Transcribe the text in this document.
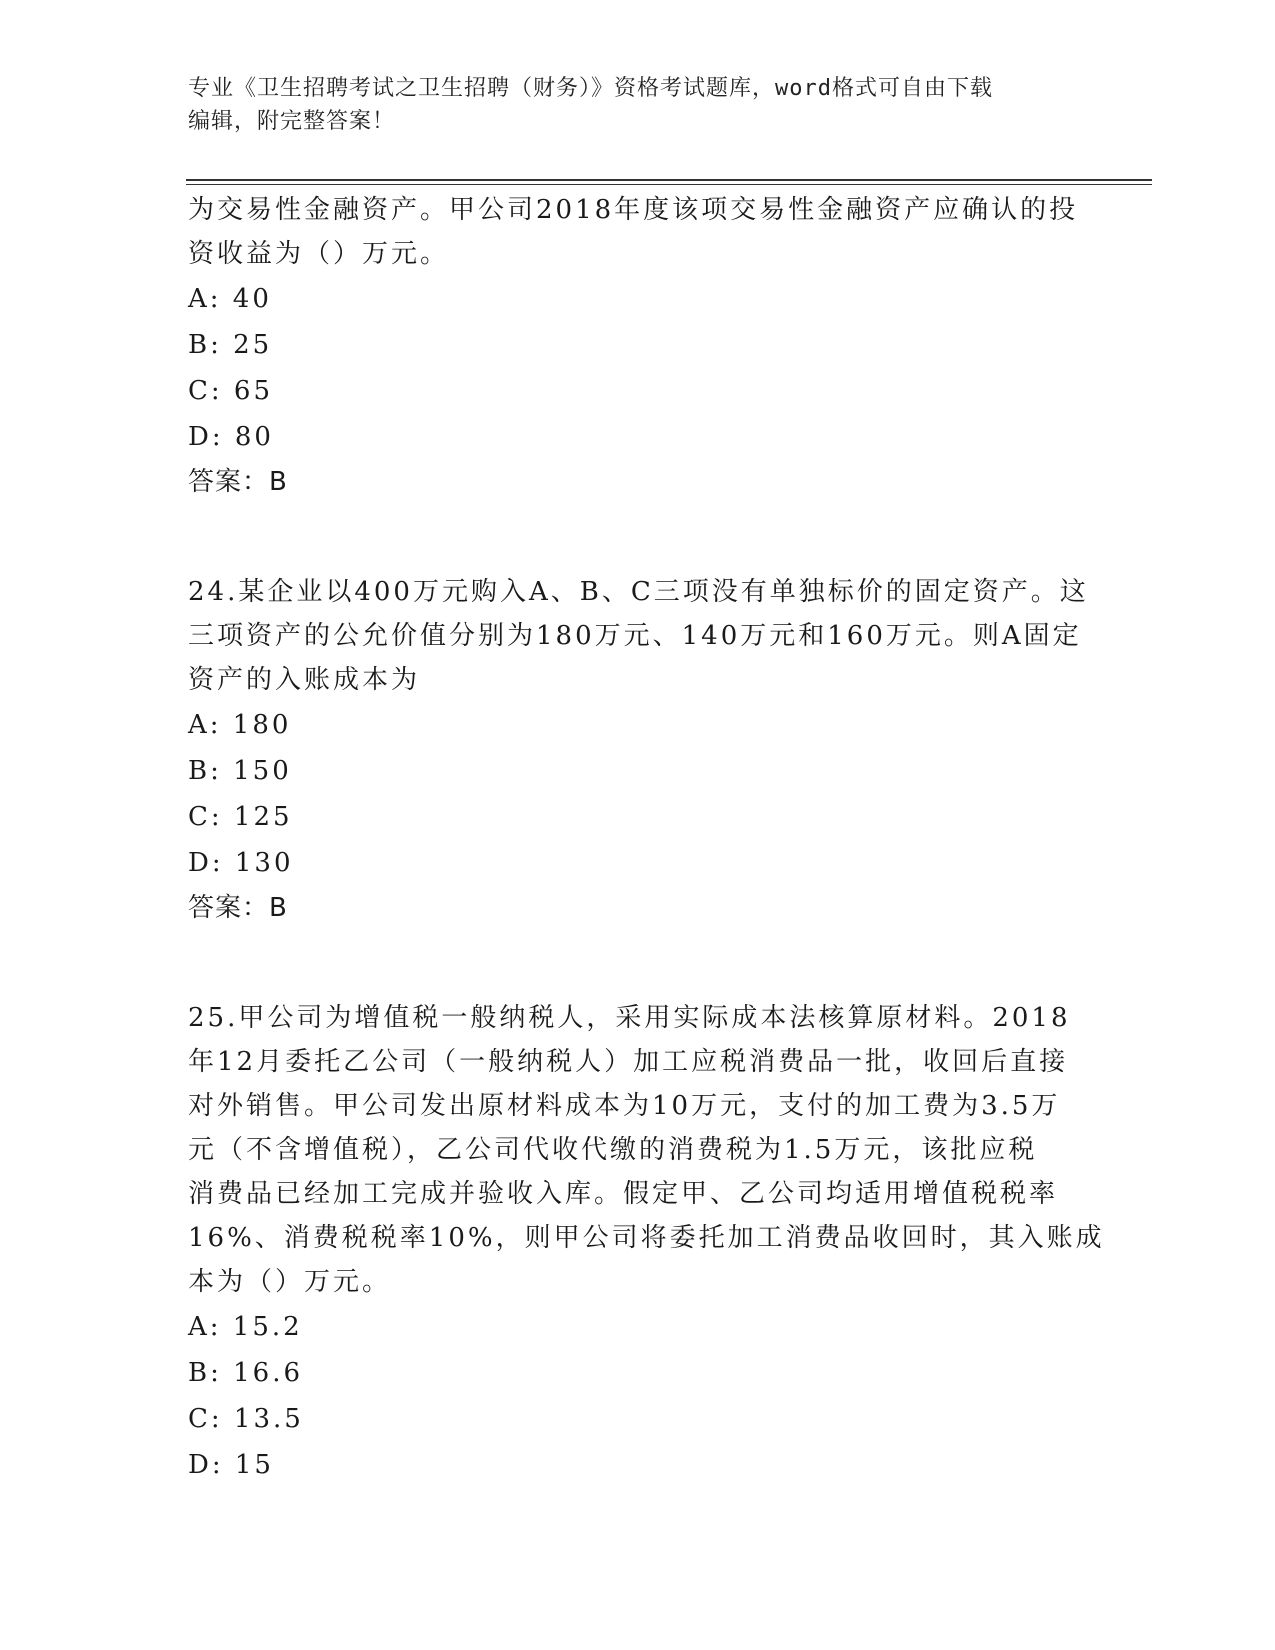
专业《卫生招聘考试之卫生招聘（财务）》资格考试题库，word格式可自由下载
编辑，附完整答案！
为交易性金融资产。甲公司2018年度该项交易性金融资产应确认的投
资收益为（）万元。
A: 40
B: 25
C: 65
D: 80
答案：B
24.某企业以400万元购入A、B、C三项没有单独标价的固定资产。这
三项资产的公允价值分别为180万元、140万元和160万元。则A固定
资产的入账成本为
A: 180
B: 150
C: 125
D: 130
答案：B
25.甲公司为增值税一般纳税人，采用实际成本法核算原材料。2018
年12月委托乙公司（一般纳税人）加工应税消费品一批，收回后直接
对外销售。甲公司发出原材料成本为10万元，支付的加工费为3.5万
元（不含增值税），乙公司代收代缴的消费税为1.5万元，该批应税
消费品已经加工完成并验收入库。假定甲、乙公司均适用增值税税率
16%、消费税税率10%，则甲公司将委托加工消费品收回时，其入账成
本为（）万元。
A: 15.2
B: 16.6
C: 13.5
D: 15
